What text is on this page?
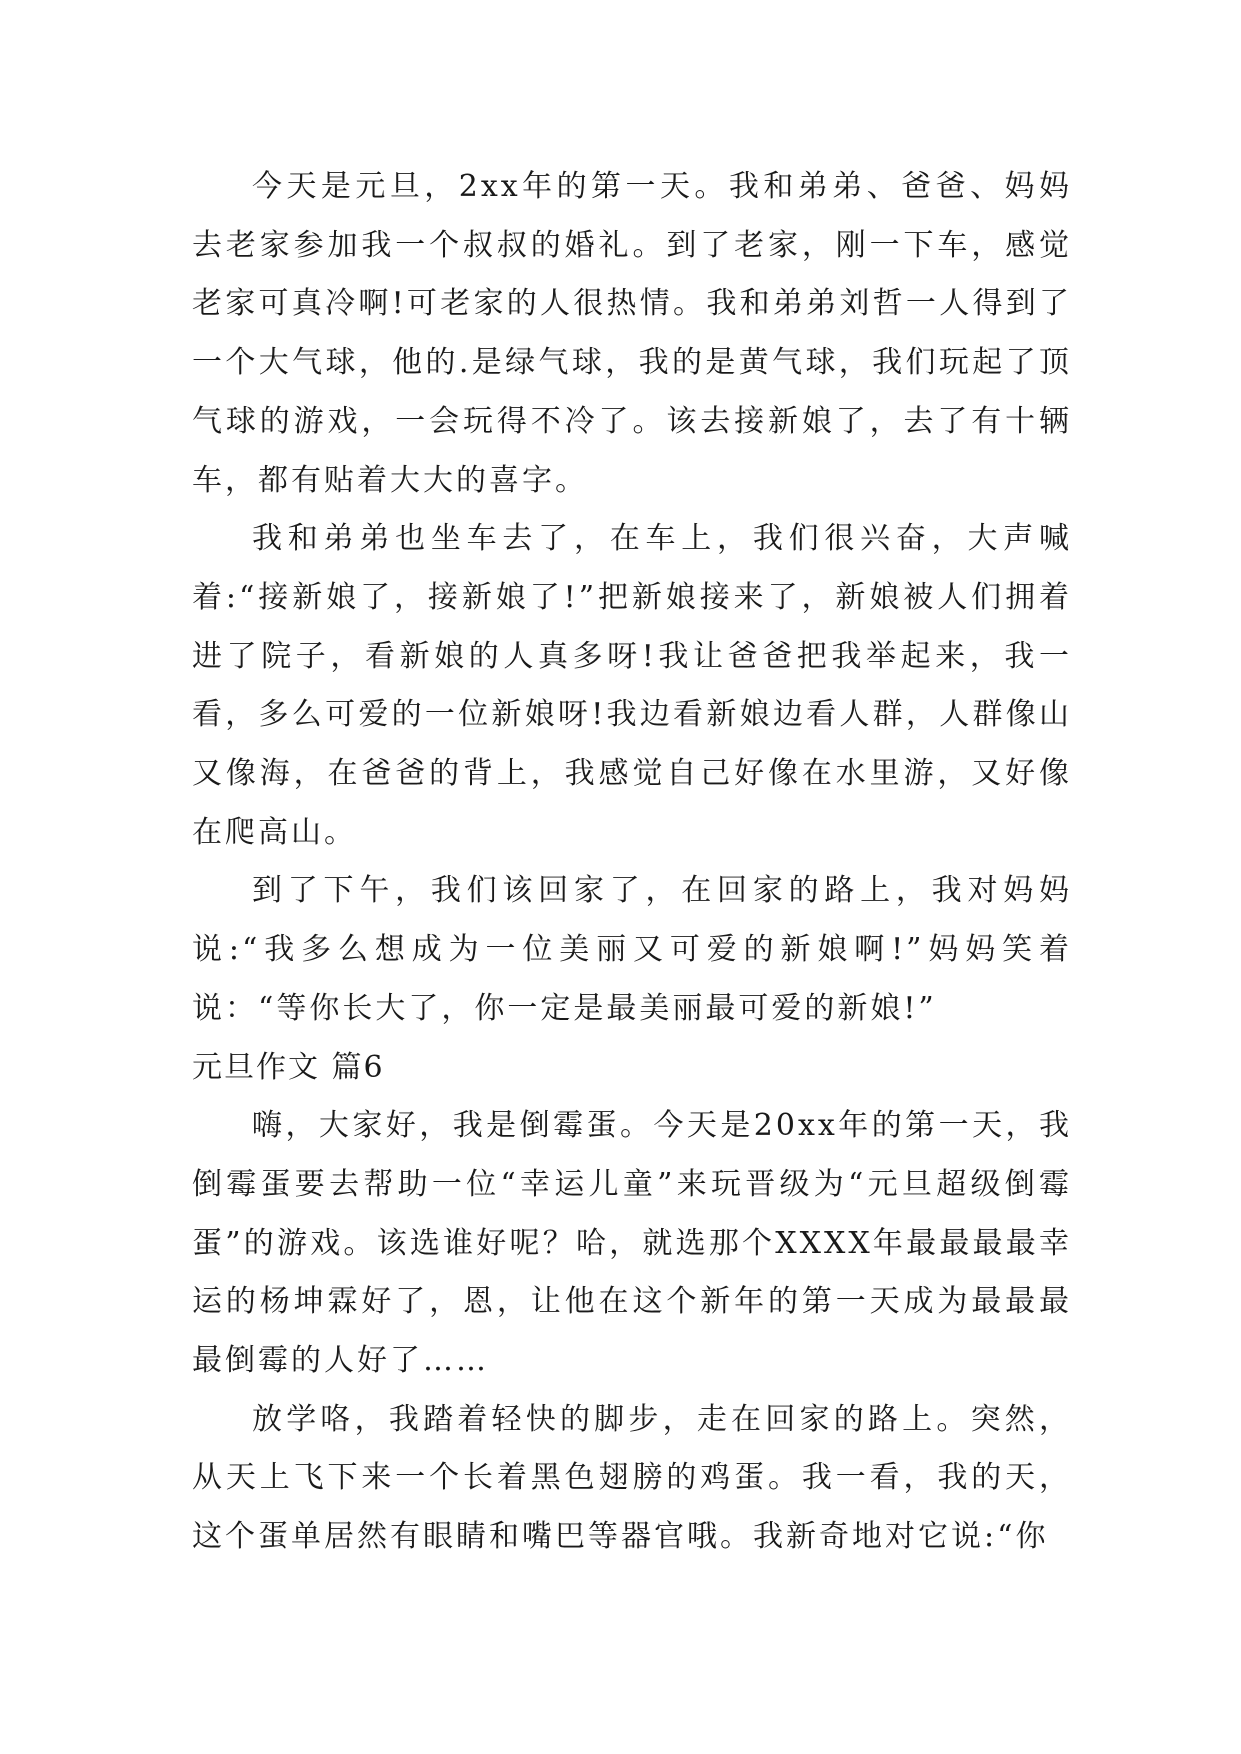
今天是元旦，2xx年的第一天。我和弟弟、爸爸、妈妈去老家参加我一个叔叔的婚礼。到了老家，刚一下车，感觉老家可真冷啊!可老家的人很热情。我和弟弟刘哲一人得到了一个大气球，他的.是绿气球，我的是黄气球，我们玩起了顶气球的游戏，一会玩得不冷了。该去接新娘了，去了有十辆车，都有贴着大大的喜字。

我和弟弟也坐车去了，在车上，我们很兴奋，大声喊着:“接新娘了，接新娘了!”把新娘接来了，新娘被人们拥着进了院子，看新娘的人真多呀!我让爸爸把我举起来，我一看，多么可爱的一位新娘呀!我边看新娘边看人群，人群像山又像海，在爸爸的背上，我感觉自己好像在水里游，又好像在爬高山。

到了下午，我们该回家了，在回家的路上，我对妈妈说:“我多么想成为一位美丽又可爱的新娘啊!”妈妈笑着说：“等你长大了，你一定是最美丽最可爱的新娘!”

元旦作文 篇6

嗨，大家好，我是倒霉蛋。今天是20xx年的第一天，我倒霉蛋要去帮助一位“幸运儿童”来玩晋级为“元旦超级倒霉蛋”的游戏。该选谁好呢？哈，就选那个XXXX年最最最最幸运的杨坤霖好了，恩，让他在这个新年的第一天成为最最最最倒霉的人好了……

放学咯，我踏着轻快的脚步，走在回家的路上。突然，从天上飞下来一个长着黑色翅膀的鸡蛋。我一看，我的天，这个蛋单居然有眼睛和嘴巴等器官哦。我新奇地对它说:“你
